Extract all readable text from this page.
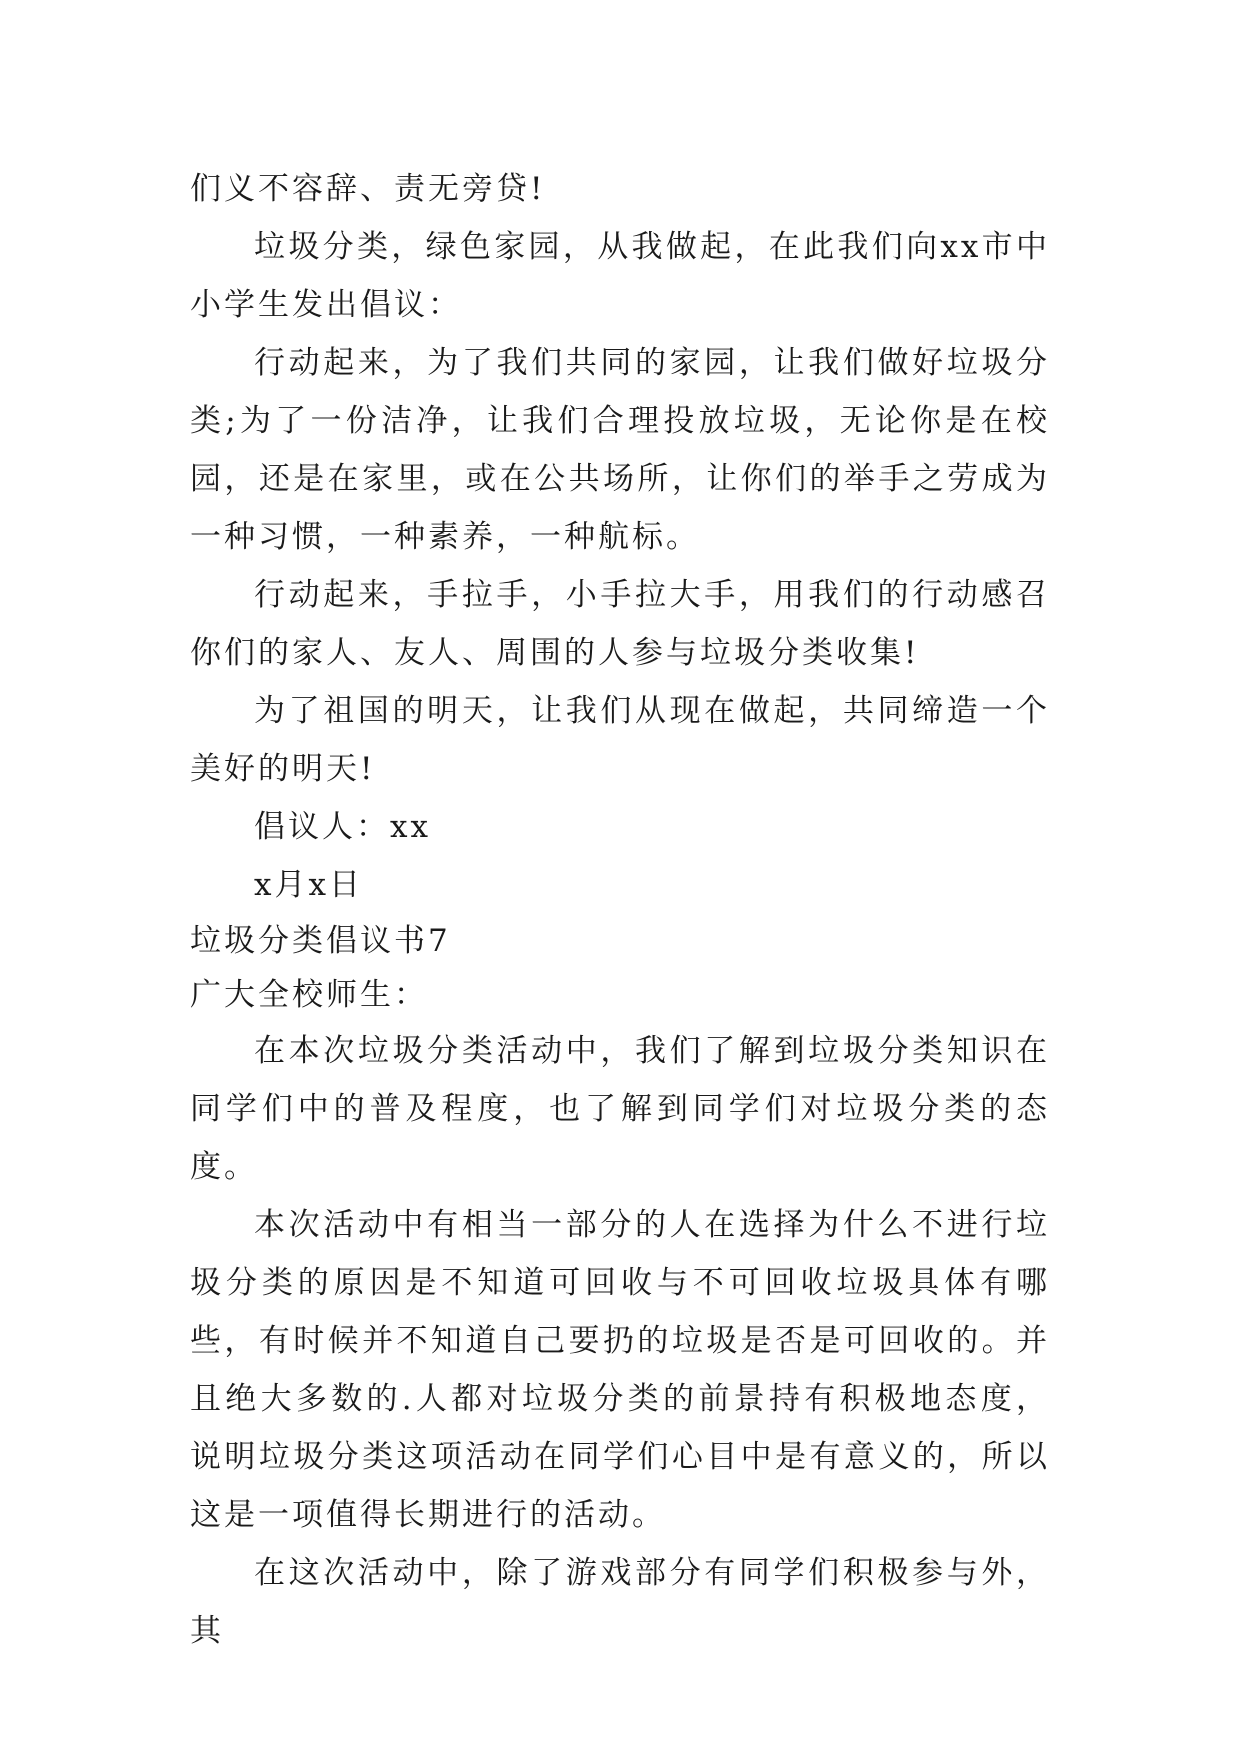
们义不容辞、责无旁贷!

垃圾分类，绿色家园，从我做起，在此我们向xx市中小学生发出倡议：

行动起来，为了我们共同的家园，让我们做好垃圾分类;为了一份洁净，让我们合理投放垃圾，无论你是在校园，还是在家里，或在公共场所，让你们的举手之劳成为一种习惯，一种素养，一种航标。

行动起来，手拉手，小手拉大手，用我们的行动感召你们的家人、友人、周围的人参与垃圾分类收集!

为了祖国的明天，让我们从现在做起，共同缔造一个美好的明天!

倡议人：xx

x月x日

垃圾分类倡议书7

广大全校师生：

在本次垃圾分类活动中，我们了解到垃圾分类知识在同学们中的普及程度，也了解到同学们对垃圾分类的态度。

本次活动中有相当一部分的人在选择为什么不进行垃圾分类的原因是不知道可回收与不可回收垃圾具体有哪些，有时候并不知道自己要扔的垃圾是否是可回收的。并且绝大多数的.人都对垃圾分类的前景持有积极地态度，说明垃圾分类这项活动在同学们心目中是有意义的，所以这是一项值得长期进行的活动。

在这次活动中，除了游戏部分有同学们积极参与外，其
